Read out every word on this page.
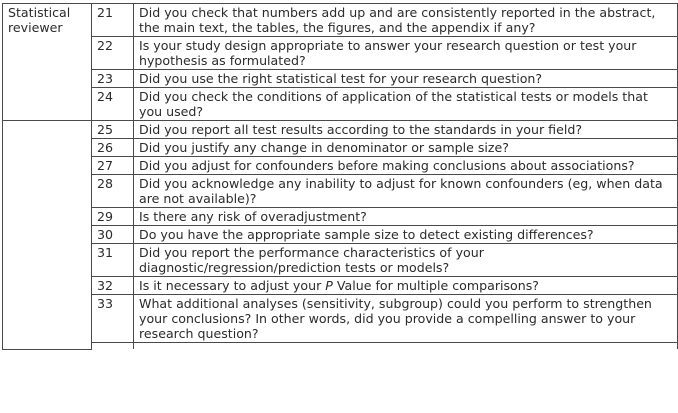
Statistical reviewer	21	Did you check that numbers add up and are consistently reported in the abstract, the main text, the tables, the figures, and the appendix if any?
	22	Is your study design appropriate to answer your research question or test your hypothesis as formulated?
	23	Did you use the right statistical test for your research question?
	24	Did you check the conditions of application of the statistical tests or models that you used?
	25	Did you report all test results according to the standards in your field?
	26	Did you justify any change in denominator or sample size?
	27	Did you adjust for confounders before making conclusions about associations?
	28	Did you acknowledge any inability to adjust for known confounders (eg, when data are not available)?
	29	Is there any risk of overadjustment?
	30	Do you have the appropriate sample size to detect existing differences?
	31	Did you report the performance characteristics of your diagnostic/regression/prediction tests or models?
	32	Is it necessary to adjust your P Value for multiple comparisons?
	33	What additional analyses (sensitivity, subgroup) could you perform to strengthen your conclusions? In other words, did you provide a compelling answer to your research question?
